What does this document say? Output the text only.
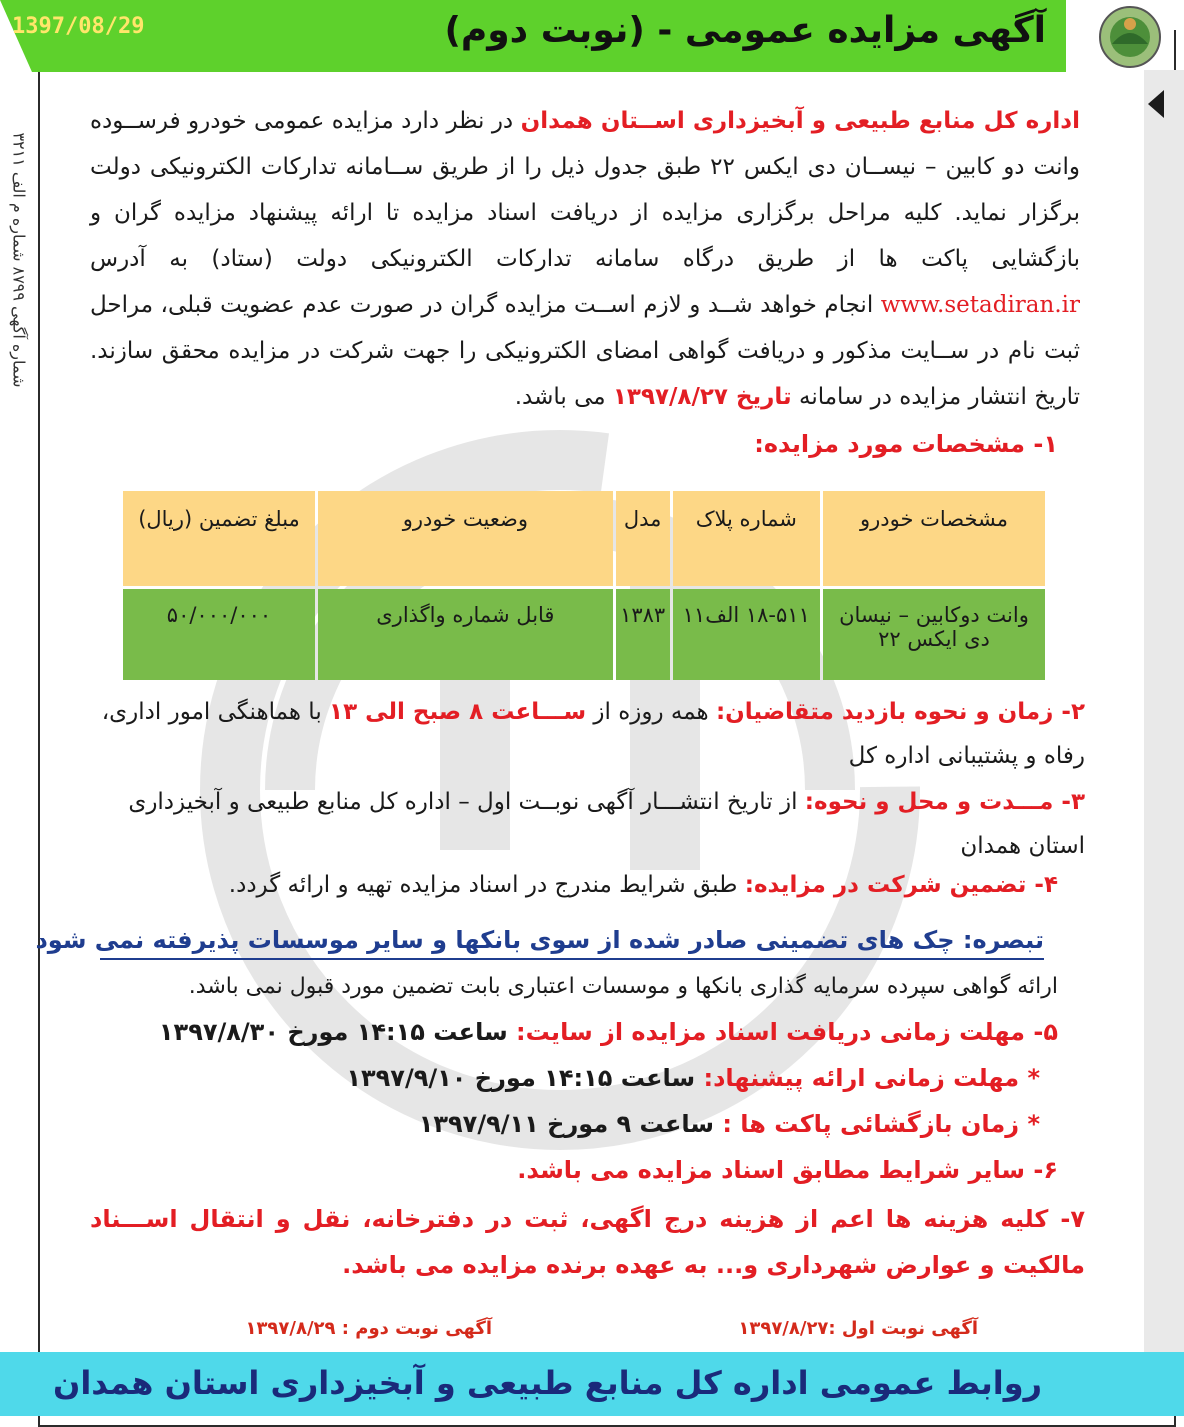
1397/08/29	آگهی مزایده عمومی - (نوبت دوم)
شماره آگهی ۸۷۹۹ شماره م الف ۳۲۱۱
اداره کل منابع طبیعی و آبخیزداری اســتان همدان در نظر دارد مزایده عمومی خودرو فرســوده وانت دو کابین – نیســان دی ایکس ۲۲ طبق جدول ذیل را از طریق ســامانه تدارکات الکترونیکی دولت برگزار نماید. کلیه مراحل برگزاری مزایده از دریافت اسناد مزایده تا ارائه پیشنهاد مزایده گران و بازگشایی پاکت ها از طریق درگاه سامانه تدارکات الکترونیکی دولت (ستاد) به آدرس www.setadiran.ir انجام خواهد شــد و لازم اســت مزایده گران در صورت عدم عضویت قبلی، مراحل ثبت نام در ســایت مذکور و دریافت گواهی امضای الکترونیکی را جهت شرکت در مزایده محقق سازند. تاریخ انتشار مزایده در سامانه تاریخ ۱۳۹۷/۸/۲۷ می باشد.
۱- مشخصات مورد مزایده:
مشخصات خودرو	شماره پلاک	مدل	وضعیت خودرو	مبلغ تضمین (ریال)
وانت دوکابین – نیسان دی ایکس ۲۲	۱۸-۵۱۱ الف۱۱	۱۳۸۳	قابل شماره واگذاری	۵۰/۰۰۰/۰۰۰
۲- زمان و نحوه بازدید متقاضیان: همه روزه از ســـاعت ۸ صبح الی ۱۳ با هماهنگی امور اداری، رفاه و پشتیبانی اداره کل
۳- مـــدت و محل و نحوه: از تاریخ انتشـــار آگهی نوبــت اول – اداره کل منابع طبیعی و آبخیزداری استان همدان
۴- تضمین شرکت در مزایده: طبق شرایط مندرج در اسناد مزایده تهیه و ارائه گردد.
تبصره: چک های تضمینی صادر شده از سوی بانکها و سایر موسسات پذیرفته نمی شود
ارائه گواهی سپرده سرمایه گذاری بانکها و موسسات اعتباری بابت تضمین مورد قبول نمی باشد.
۵- مهلت زمانی دریافت اسناد مزایده از سایت: ساعت ۱۴:۱۵ مورخ ۱۳۹۷/۸/۳۰
* مهلت زمانی ارائه پیشنهاد: ساعت ۱۴:۱۵ مورخ ۱۳۹۷/۹/۱۰
* زمان بازگشائی پاکت ها : ساعت ۹ مورخ ۱۳۹۷/۹/۱۱
۶- سایر شرایط مطابق اسناد مزایده می باشد.
۷- کلیه هزینه ها اعم از هزینه درج اگهی، ثبت در دفترخانه، نقل و انتقال اســـناد مالکیت و عوارض شهرداری و... به عهده برنده مزایده می باشد.
آگهی نوبت اول :۱۳۹۷/۸/۲۷
آگهی نوبت دوم : ۱۳۹۷/۸/۲۹
روابط عمومی اداره کل منابع طبیعی و آبخیزداری استان همدان
